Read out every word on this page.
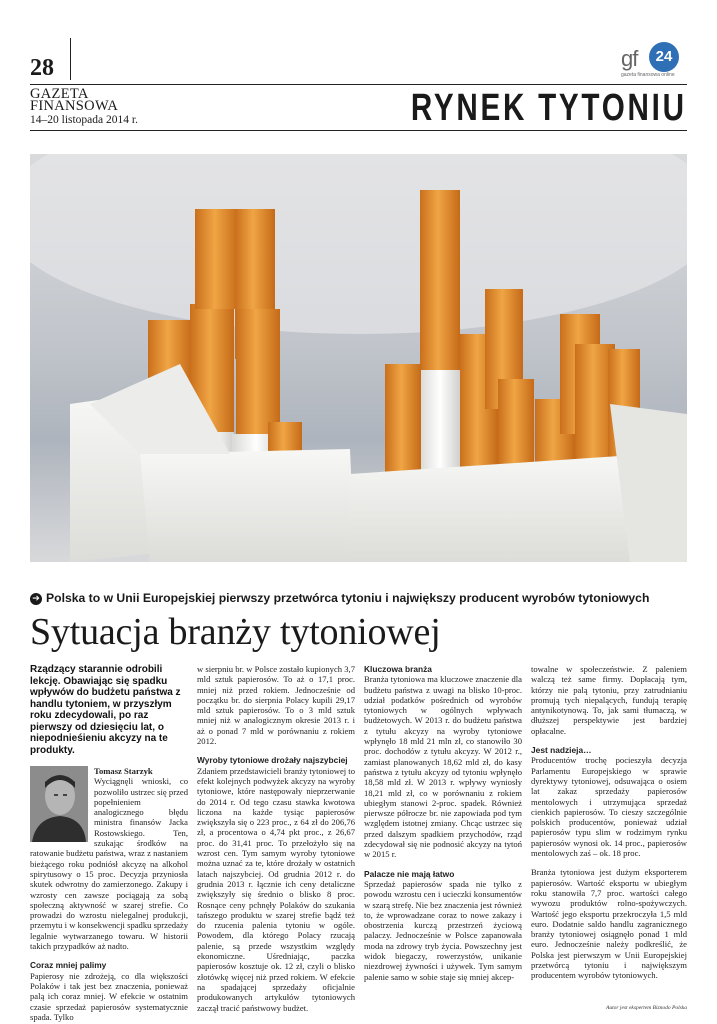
28	gf	24
gazeta finansowa online
GAZETA
FINANSOWA
14–20 listopada 2014 r.	RYNEK TYTONIU
➔ Polska to w Unii Europejskiej pierwszy przetwórca tytoniu i największy producent wyrobów tytoniowych
Sytuacja branży tytoniowej
Rządzący starannie odrobili lekcję. Obawiając się spadku wpływów do budżetu państwa z handlu tytoniem, w przyszłym roku zdecydowali, po raz pierwszy od dziesięciu lat, o niepodnieśieniu akcyzy na te produkty.

Tomasz Starzyk
Wyciągnęli wnioski, co pozwoliło ustrzec się przed popełnieniem analogicznego błędu ministra finansów Jacka Rostowskiego. Ten, szukając środków na ratowanie budżetu państwa, wraz z nastaniem bieżącego roku podniósł akcyzę na alkohol spirytusowy o 15 proc. Decyzja przyniosła skutek odwrotny do zamierzonego. Zakupy i wzrosty cen zawsze pociągają za sobą społeczną aktywność w szarej strefie. Co prowadzi do wzrostu nielegalnej produkcji, przemytu i w konsekwencji spadku sprzedaży legalnie wytwarzanego towaru. W historii takich przypadków aż nadto.

Coraz mniej palimy

Papierosy nie zdrożeją, co dla większości Polaków i tak jest bez znaczenia, ponieważ palą ich coraz mniej. W efekcie w ostatnim czasie sprzedaż papierosów systematycznie spada. Tylko

w sierpniu br. w Polsce zostało kupionych 3,7 mld sztuk papierosów. To aż o 17,1 proc. mniej niż przed rokiem. Jednocześnie od początku br. do sierpnia Polacy kupili 29,17 mld sztuk papierosów. To o 3 mld sztuk mniej niż w analogicznym okresie 2013 r. i aż o ponad 7 mld w porównaniu z rokiem 2012.

Wyroby tytoniowe drożały najszybciej

Zdaniem przedstawicieli branży tytoniowej to efekt kolejnych podwyżek akcyzy na wyroby tytoniowe, które następowały nieprzerwanie do 2014 r. Od tego czasu stawka kwotowa liczona na każde tysiąc papierosów zwiększyła się o 223 proc., z 64 zł do 206,76 zł, a procentowa o 4,74 pkt proc., z 26,67 proc. do 31,41 proc. To przełożyło się na wzrost cen. Tym samym wyroby tytoniowe można uznać za te, które drożały w ostatnich latach najszybciej. Od grudnia 2012 r. do grudnia 2013 r. łącznie ich ceny detaliczne zwiększyły się średnio o blisko 8 proc. Rosnące ceny pchnęły Polaków do szukania tańszego produktu w szarej strefie bądź też do rzucenia palenia tytoniu w ogóle. Powodem, dla którego Polacy rzucają palenie, są przede wszystkim względy ekonomiczne. Uśredniając, paczka papierosów kosztuje ok. 12 zł, czyli o blisko złotówkę więcej niż przed rokiem. W efekcie na spadającej sprzedaży oficjalnie produkowanych artykułów tytoniowych zaczął tracić państwowy budżet.

Kluczowa branża

Branża tytoniowa ma kluczowe znaczenie dla budżetu państwa z uwagi na blisko 10-proc. udział podatków pośrednich od wyrobów tytoniowych w ogólnych wpływach budżetowych. W 2013 r. do budżetu państwa z tytułu akcyzy na wyroby tytoniowe wpłynęło 18 mld 21 mln zł, co stanowiło 30 proc. dochodów z tytułu akcyzy. W 2012 r., zamiast planowanych 18,62 mld zł, do kasy państwa z tytułu akcyzy od tytoniu wpłynęło 18,58 mld zł. W 2013 r. wpływy wyniosły 18,21 mld zł, co w porównaniu z rokiem ubiegłym stanowi 2-proc. spadek. Również pierwsze półrocze br. nie zapowiada pod tym względem istotnej zmiany. Chcąc ustrzec się przed dalszym spadkiem przychodów, rząd zdecydował się nie podnosić akcyzy na tytoń w 2015 r.

Palacze nie mają łatwo

Sprzedaż papierosów spada nie tylko z powodu wzrostu cen i ucieczki konsumentów w szarą strefę. Nie bez znaczenia jest również to, że wprowadzane coraz to nowe zakazy i obostrzenia kurczą przestrzeń życiową palaczy. Jednocześnie w Polsce zapanowała moda na zdrowy tryb życia. Powszechny jest widok biegaczy, rowerzystów, unikanie niezdrowej żywności i używek. Tym samym palenie samo w sobie staje się mniej akcep-

towalne w społeczeństwie. Z paleniem walczą też same firmy. Dopłacają tym, którzy nie palą tytoniu, przy zatrudnianiu promują tych niepalących, fundują terapię antynikotynową. To, jak sami tłumaczą, w dłuższej perspektywie jest bardziej opłacalne.

Jest nadzieja…

Producentów trochę pocieszyła decyzja Parlamentu Europejskiego w sprawie dyrektywy tytoniowej, odsuwająca o osiem lat zakaz sprzedaży papierosów mentolowych i utrzymująca sprzedaż cienkich papierosów. To cieszy szczególnie polskich producentów, ponieważ udział papierosów typu slim w rodzimym rynku papierosów wynosi ok. 14 proc., papierosów mentolowych zaś – ok. 18 proc.

Branża tytoniowa jest dużym eksporterem papierosów. Wartość eksportu w ubiegłym roku stanowiła 7,7 proc. wartości całego wywozu produktów rolno-spożywczych. Wartość jego eksportu przekroczyła 1,5 mld euro. Dodatnie saldo handlu zagranicznego branży tytoniowej osiągnęło ponad 1 mld euro. Jednocześnie należy podkreślić, że Polska jest pierwszym w Unii Europejskiej przetwórcą tytoniu i największym producentem wyrobów tytoniowych.

Autor jest ekspertem Biznodo Polska
